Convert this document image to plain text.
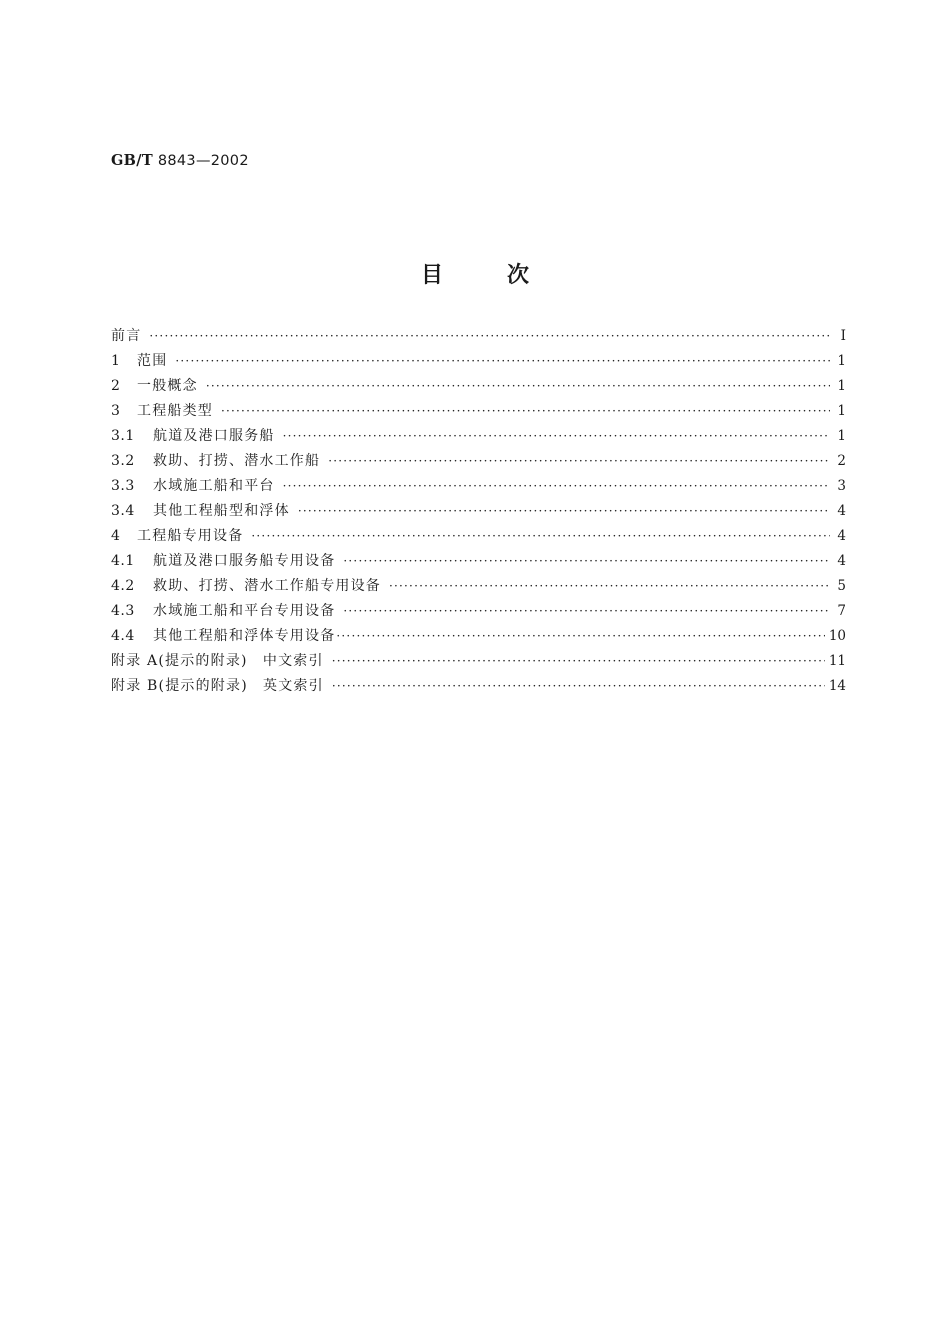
GB/T 8843—2002
目次
前言 ·····	I
1	范围 ·····	1
2	一般概念 ·····	1
3	工程船类型 ·····	1
3.1	航道及港口服务船 ·····	1
3.2	救助、打捞、潜水工作船 ·····	2
3.3	水域施工船和平台 ·····	3
3.4	其他工程船型和浮体 ·····	4
4	工程船专用设备 ·····	4
4.1	航道及港口服务船专用设备 ·····	4
4.2	救助、打捞、潜水工作船专用设备 ·····	5
4.3	水域施工船和平台专用设备 ·····	7
4.4	其他工程船和浮体专用设备 ·····	10
附录 A(提示的附录)　中文索引 ·····	11
附录 B(提示的附录)　英文索引 ·····	14
